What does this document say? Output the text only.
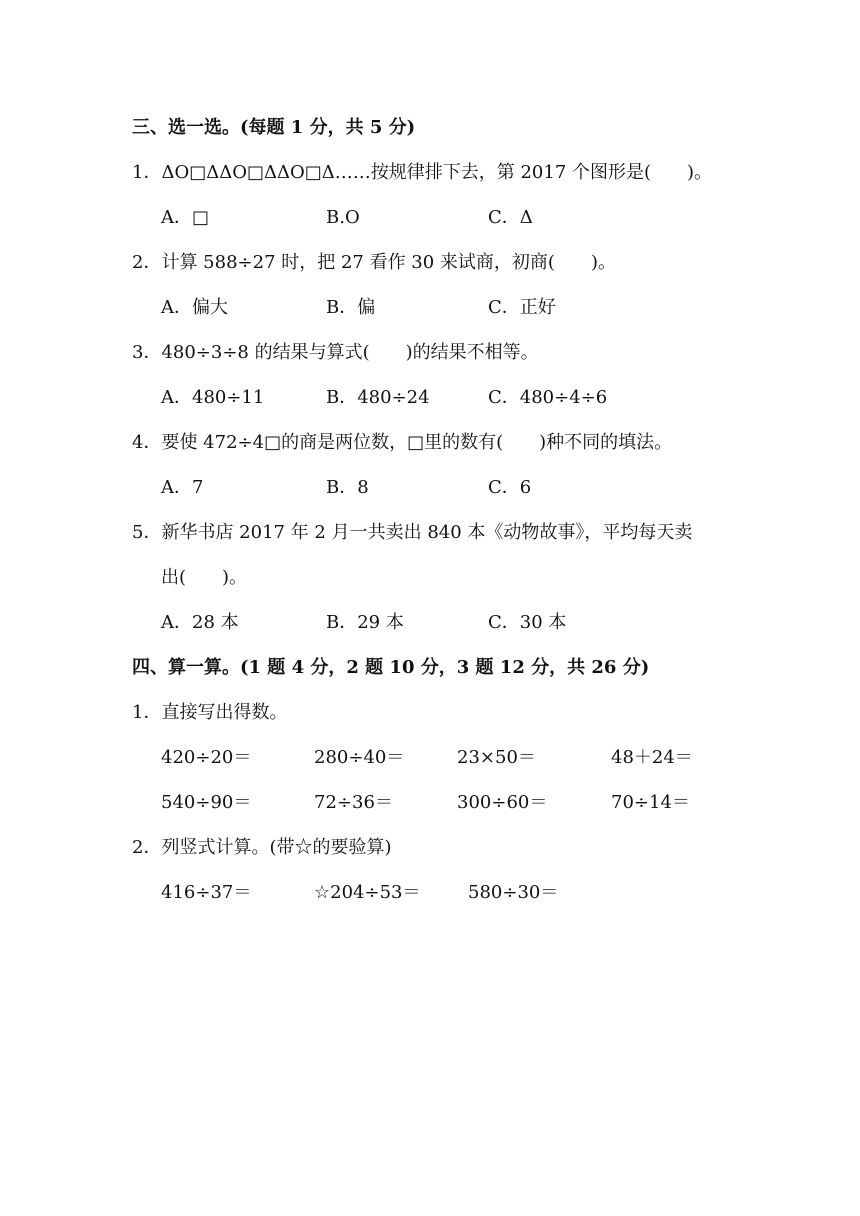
三、选一选。(每题 1 分，共 5 分)
1．ΔO□ΔΔO□ΔΔO□Δ……按规律排下去，第 2017 个图形是(　　)。
A．□	B.O	C．Δ
2．计算 588÷27 时，把 27 看作 30 来试商，初商(　　)。
A．偏大	B．偏	C．正好
3．480÷3÷8 的结果与算式(　　)的结果不相等。
A．480÷11	B．480÷24	C．480÷4÷6
4．要使 472÷4□的商是两位数，□里的数有(　　)种不同的填法。
A．7	B．8	C．6
5．新华书店 2017 年 2 月一共卖出 840 本《动物故事》，平均每天卖
出(　　)。
A．28 本	B．29 本	C．30 本
四、算一算。(1 题 4 分，2 题 10 分，3 题 12 分，共 26 分)
1．直接写出得数。
420÷20＝	280÷40＝	23×50＝	48＋24＝
540÷90＝	72÷36＝	300÷60＝	70÷14＝
2．列竖式计算。(带☆的要验算)
416÷37＝	☆204÷53＝	580÷30＝
